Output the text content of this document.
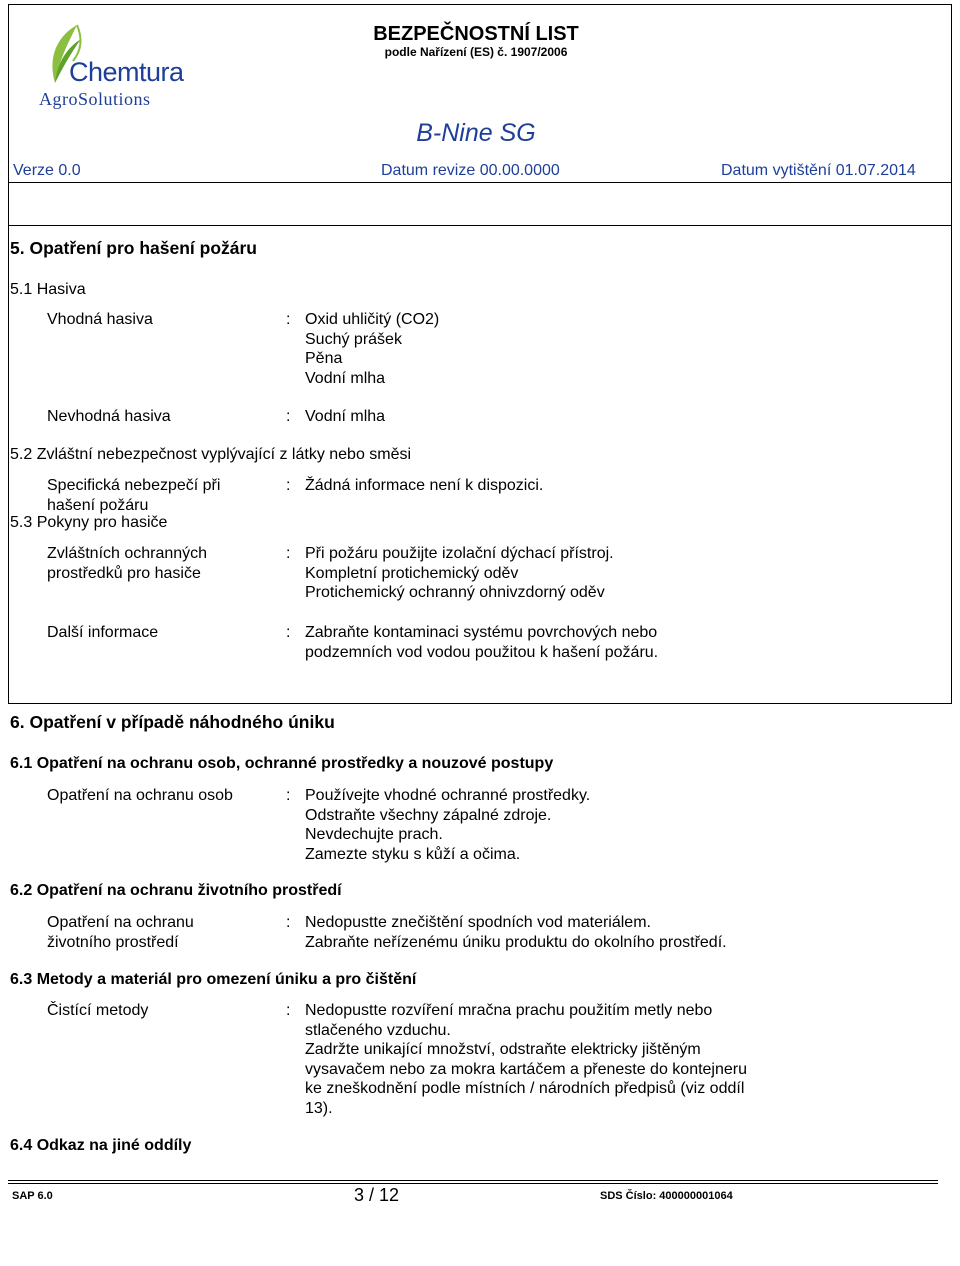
Chemtura
AgroSolutions
BEZPEČNOSTNÍ LIST
podle Nařízení (ES) č. 1907/2006
B-Nine SG
Verze 0.0	Datum revize 00.00.0000	Datum vytištění 01.07.2014
5. Opatření pro hašení požáru
5.1 Hasiva
Vhodná hasiva	: Oxid uhličitý (CO2)
Suchý prášek
Pěna
Vodní mlha
Nevhodná hasiva	: Vodní mlha
5.2 Zvláštní nebezpečnost vyplývající z látky nebo směsi
Specifická nebezpečí při
hašení požáru
: Žádná informace není k dispozici.
5.3 Pokyny pro hasiče
Zvláštních ochranných
prostředků pro hasiče
: Při požáru použijte izolační dýchací přístroj.
Kompletní protichemický oděv
Protichemický ochranný ohnivzdorný oděv
Další informace	: Zabraňte kontaminaci systému povrchových nebo
podzemních vod vodou použitou k hašení požáru.
6. Opatření v případě náhodného úniku
6.1 Opatření na ochranu osob, ochranné prostředky a nouzové postupy
Opatření na ochranu osob	: Používejte vhodné ochranné prostředky.
Odstraňte všechny zápalné zdroje.
Nevdechujte prach.
Zamezte styku s kůží a očima.
6.2 Opatření na ochranu životního prostředí
Opatření na ochranu
životního prostředí
: Nedopustte znečištění spodních vod materiálem.
Zabraňte neřízenému úniku produktu do okolního prostředí.
6.3 Metody a materiál pro omezení úniku a pro čištění
Čistící metody	: Nedopustte rozvíření mračna prachu použitím metly nebo
stlačeného vzduchu.
Zadržte unikající množství, odstraňte elektricky jištěným
vysavačem nebo za mokra kartáčem a přeneste do kontejneru
ke zneškodnění podle místních / národních předpisů (viz oddíl
13).
6.4 Odkaz na jiné oddíly
SAP 6.0	3 / 12	SDS Číslo: 400000001064
